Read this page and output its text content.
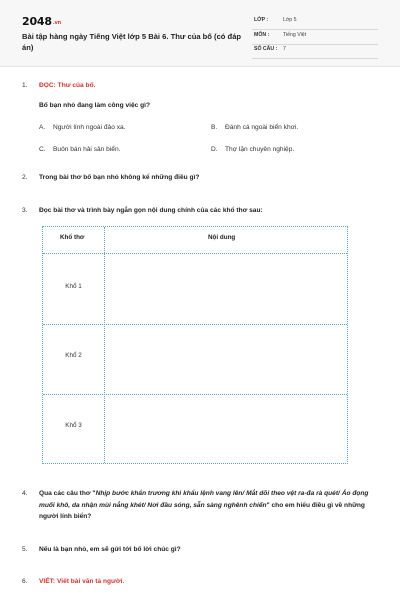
2048.vn
Bài tập hàng ngày Tiếng Việt lớp 5 Bài 6. Thư của bố (có đáp án)
LỚP :	Lớp 5
MÔN :	Tiếng Việt
SỐ CÂU : 7
1. ĐỌC: Thư của bố.
Bố bạn nhỏ đang làm công việc gì?
A. Người lính ngoài đảo xa.	B. Đánh cá ngoài biển khơi.
C. Buôn bán hải sản biển.	D. Thợ lặn chuyên nghiệp.
2. Trong bài thơ bố bạn nhỏ không kể những điều gì?
3. Đọc bài thơ và trình bày ngắn gọn nội dung chính của các khổ thơ sau:
Khổ thơ	Nội dung
Khổ 1
Khổ 2
Khổ 3
4. Qua các câu thơ "Nhịp bước khẩn trương khi khẩu lệnh vang lên/ Mắt dõi theo vệt ra-đa rà quét/ Áo đọng muối khô, da nhận mùi nắng khét/ Nơi đầu sóng, sẵn sàng nghênh chiến" cho em hiểu điều gì về những người lính biển?
5. Nếu là bạn nhỏ, em sẽ gửi tới bố lời chúc gì?
6. VIẾT: Viết bài văn tả người.
